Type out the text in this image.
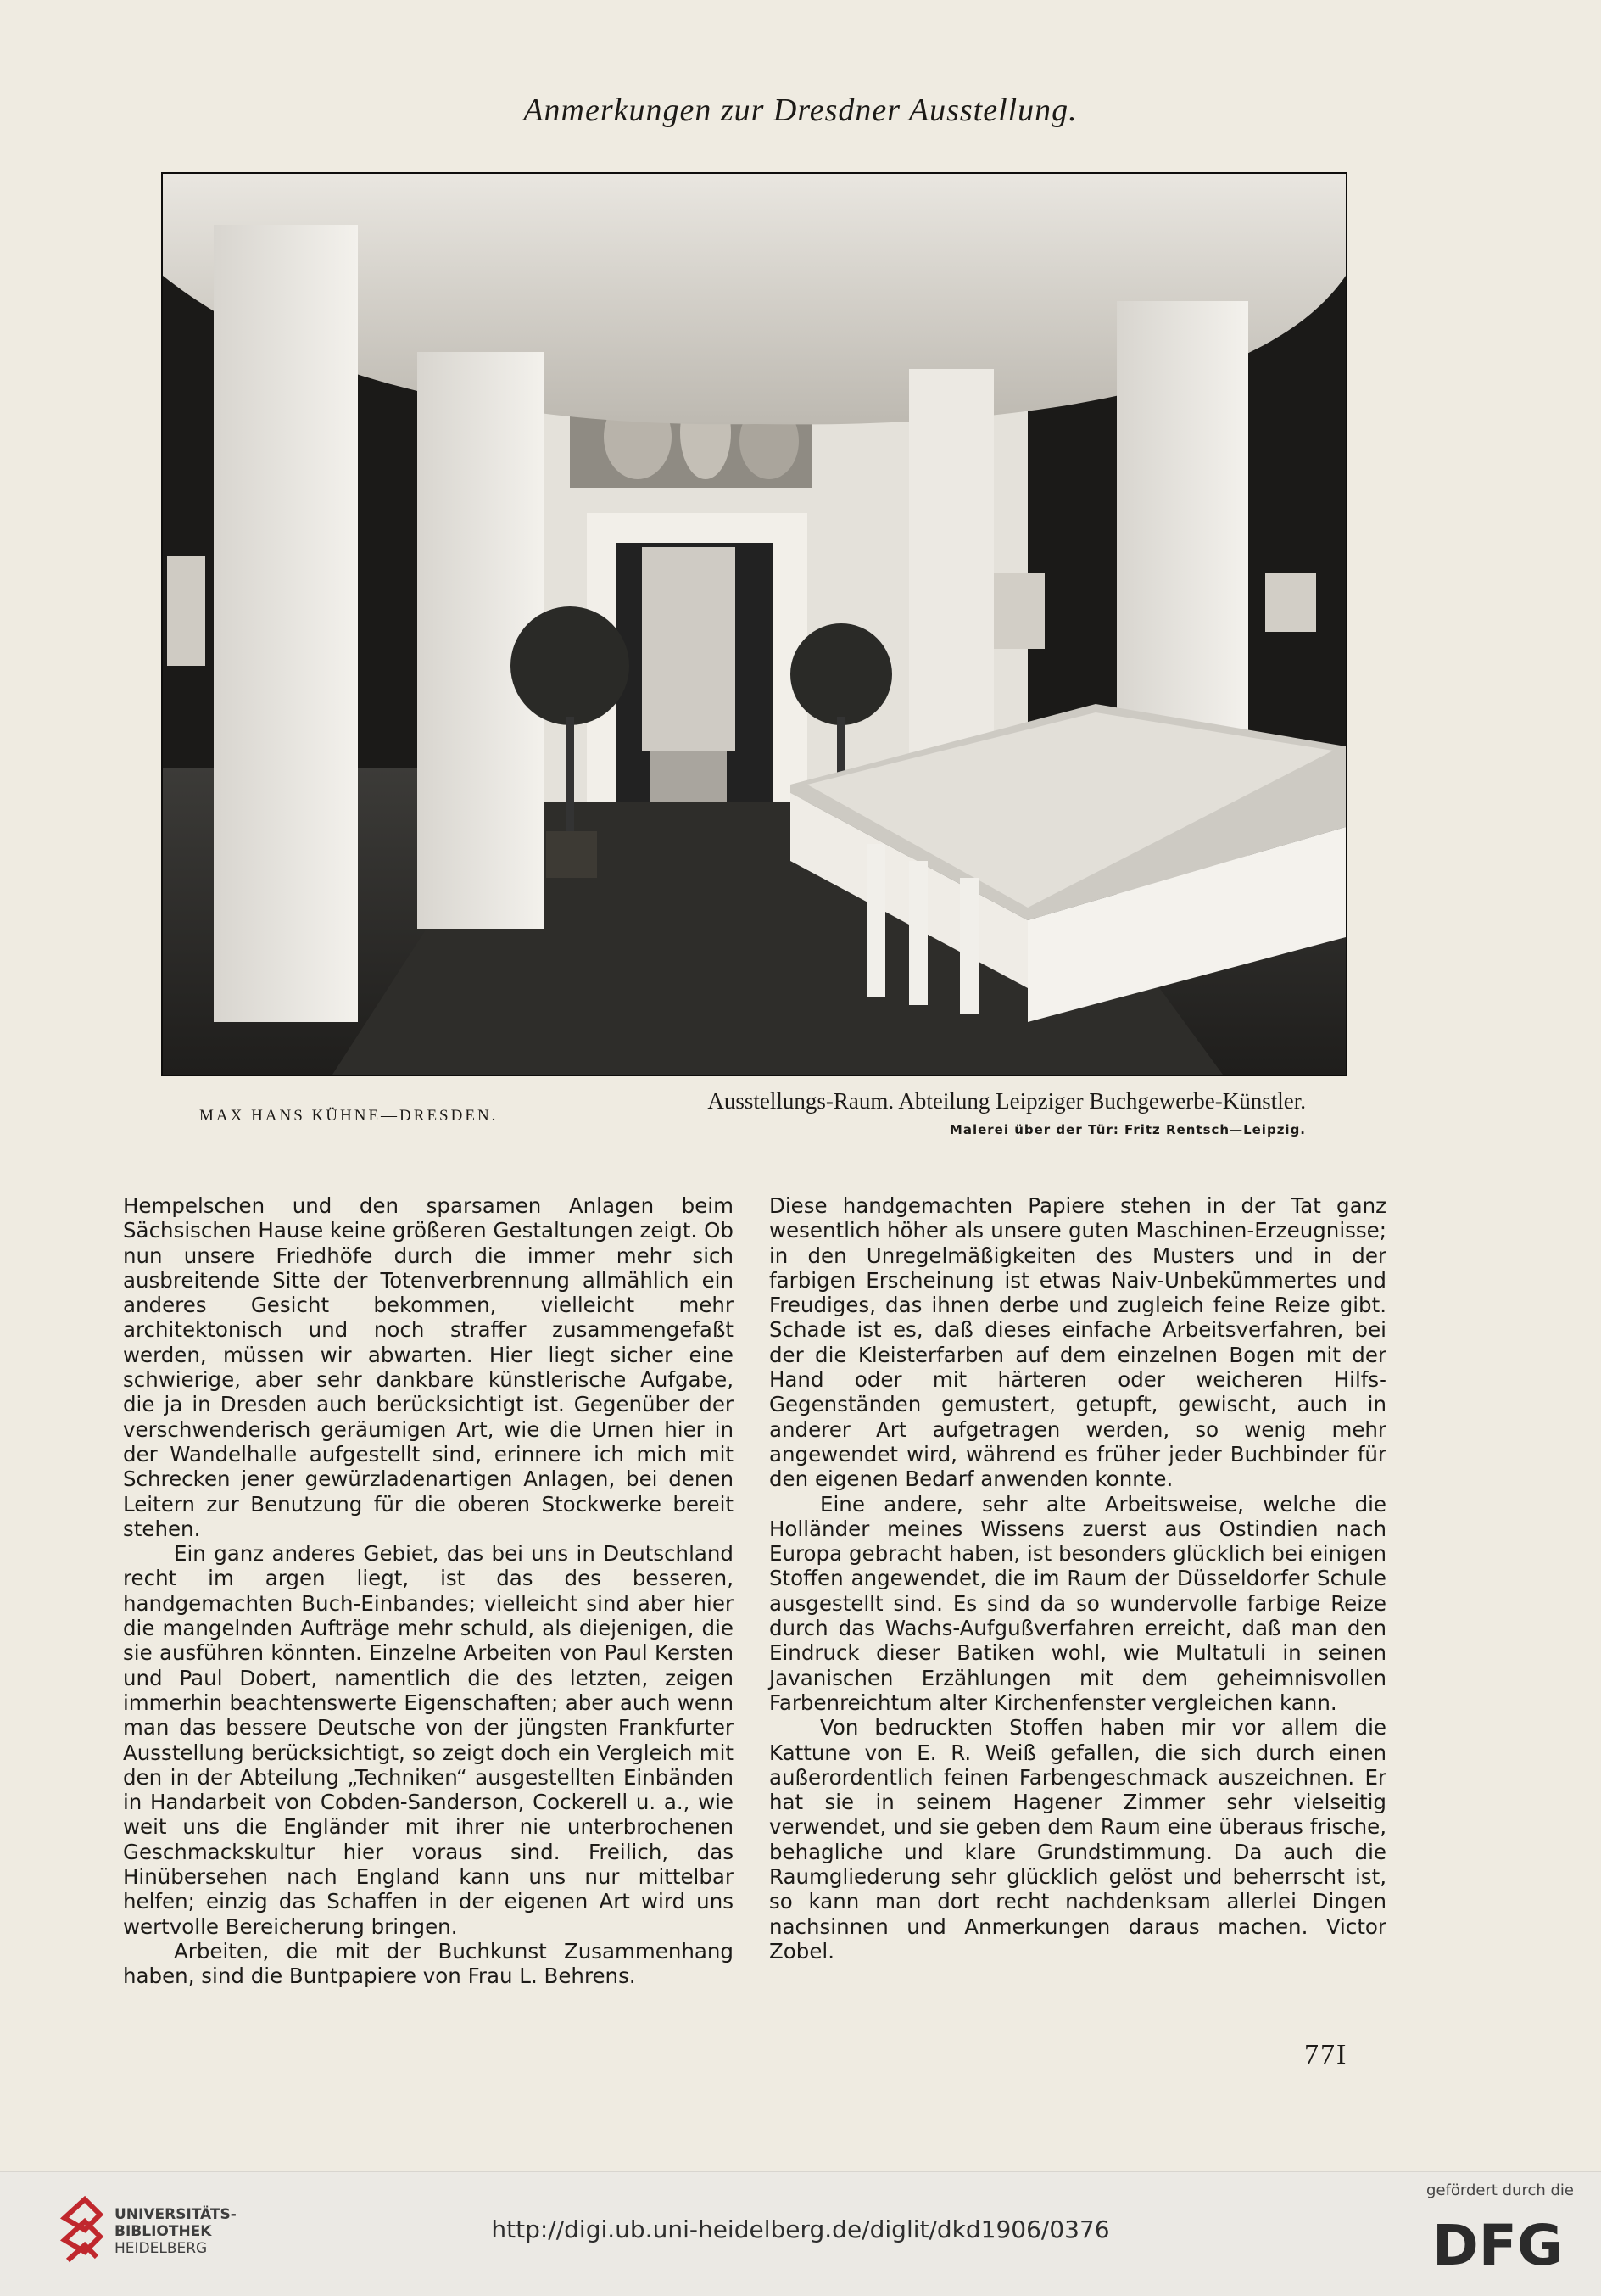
Anmerkungen zur Dresdner Ausstellung.
MAX HANS KÜHNE—DRESDEN.
Ausstellungs-Raum. Abteilung Leipziger Buchgewerbe-Künstler.
Malerei über der Tür: Fritz Rentsch—Leipzig.

Hempelschen und den sparsamen Anlagen beim Sächsischen Hause keine größeren Gestaltungen zeigt. Ob nun unsere Friedhöfe durch die immer mehr sich ausbreitende Sitte der Totenverbrennung allmählich ein anderes Gesicht bekommen, vielleicht mehr architektonisch und noch straffer zusammengefaßt werden, müssen wir abwarten. Hier liegt sicher eine schwierige, aber sehr dankbare künstlerische Aufgabe, die ja in Dresden auch berücksichtigt ist. Gegenüber der verschwenderisch geräumigen Art, wie die Urnen hier in der Wandelhalle aufgestellt sind, erinnere ich mich mit Schrecken jener gewürzladenartigen Anlagen, bei denen Leitern zur Benutzung für die oberen Stockwerke bereit stehen.

Ein ganz anderes Gebiet, das bei uns in Deutschland recht im argen liegt, ist das des besseren, handgemachten Buch-Einbandes; vielleicht sind aber hier die mangelnden Aufträge mehr schuld, als diejenigen, die sie ausführen könnten. Einzelne Arbeiten von Paul Kersten und Paul Dobert, namentlich die des letzten, zeigen immerhin beachtenswerte Eigenschaften; aber auch wenn man das bessere Deutsche von der jüngsten Frankfurter Ausstellung berücksichtigt, so zeigt doch ein Vergleich mit den in der Abteilung „Techniken“ ausgestellten Einbänden in Handarbeit von Cobden-Sanderson, Cockerell u. a., wie weit uns die Engländer mit ihrer nie unterbrochenen Geschmackskultur hier voraus sind. Freilich, das Hinübersehen nach England kann uns nur mittelbar helfen; einzig das Schaffen in der eigenen Art wird uns wertvolle Bereicherung bringen.

Arbeiten, die mit der Buchkunst Zusammenhang haben, sind die Buntpapiere von Frau L. Behrens.

Diese handgemachten Papiere stehen in der Tat ganz wesentlich höher als unsere guten Maschinen-Erzeugnisse; in den Unregelmäßigkeiten des Musters und in der farbigen Erscheinung ist etwas Naiv-Unbekümmertes und Freudiges, das ihnen derbe und zugleich feine Reize gibt. Schade ist es, daß dieses einfache Arbeitsverfahren, bei der die Kleisterfarben auf dem einzelnen Bogen mit der Hand oder mit härteren oder weicheren Hilfs-Gegenständen gemustert, getupft, gewischt, auch in anderer Art aufgetragen werden, so wenig mehr angewendet wird, während es früher jeder Buchbinder für den eigenen Bedarf anwenden konnte.

Eine andere, sehr alte Arbeitsweise, welche die Holländer meines Wissens zuerst aus Ostindien nach Europa gebracht haben, ist besonders glücklich bei einigen Stoffen angewendet, die im Raum der Düsseldorfer Schule ausgestellt sind. Es sind da so wundervolle farbige Reize durch das Wachs-Aufgußverfahren erreicht, daß man den Eindruck dieser Batiken wohl, wie Multatuli in seinen Javanischen Erzählungen mit dem geheimnisvollen Farbenreichtum alter Kirchenfenster vergleichen kann.

Von bedruckten Stoffen haben mir vor allem die Kattune von E. R. Weiß gefallen, die sich durch einen außerordentlich feinen Farbengeschmack auszeichnen. Er hat sie in seinem Hagener Zimmer sehr vielseitig verwendet, und sie geben dem Raum eine überaus frische, behagliche und klare Grundstimmung. Da auch die Raumgliederung sehr glücklich gelöst und beherrscht ist, so kann man dort recht nachdenksam allerlei Dingen nachsinnen und Anmerkungen daraus machen. Victor Zobel.

77I
UNIVERSITÄTS-
BIBLIOTHEK
HEIDELBERG
http://digi.ub.uni-heidelberg.de/diglit/dkd1906/0376
gefördert durch die
DFG
